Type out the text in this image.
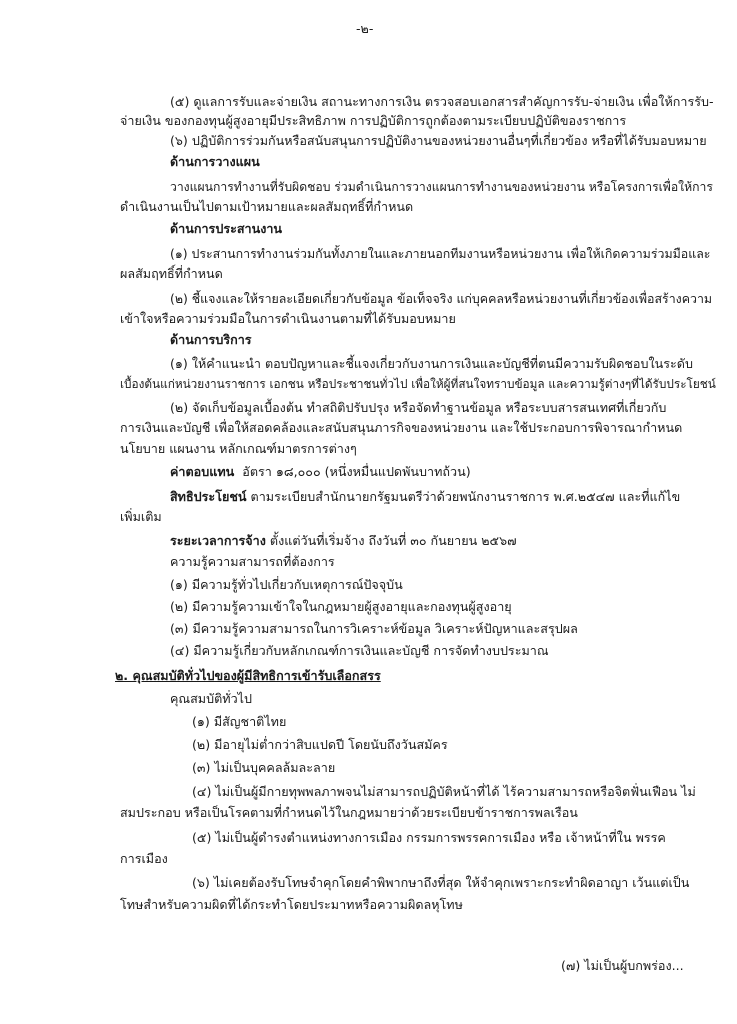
-๒-
(๕) ดูแลการรับและจ่ายเงิน สถานะทางการเงิน ตรวจสอบเอกสารสำคัญการรับ-จ่ายเงิน เพื่อให้การรับ-
จ่ายเงิน ของกองทุนผู้สูงอายุมีประสิทธิภาพ การปฏิบัติการถูกต้องตามระเบียบปฏิบัติของราชการ
(๖) ปฏิบัติการร่วมกันหรือสนับสนุนการปฏิบัติงานของหน่วยงานอื่นๆที่เกี่ยวข้อง หรือที่ได้รับมอบหมาย
ด้านการวางแผน
วางแผนการทำงานที่รับผิดชอบ ร่วมดำเนินการวางแผนการทำงานของหน่วยงาน หรือโครงการเพื่อให้การ
ดำเนินงานเป็นไปตามเป้าหมายและผลสัมฤทธิ์ที่กำหนด
ด้านการประสานงาน
(๑) ประสานการทำงานร่วมกันทั้งภายในและภายนอกทีมงานหรือหน่วยงาน เพื่อให้เกิดความร่วมมือและ
ผลสัมฤทธิ์ที่กำหนด
(๒) ชี้แจงและให้รายละเอียดเกี่ยวกับข้อมูล ข้อเท็จจริง แก่บุคคลหรือหน่วยงานที่เกี่ยวข้องเพื่อสร้างความ
เข้าใจหรือความร่วมมือในการดำเนินงานตามที่ได้รับมอบหมาย
ด้านการบริการ
(๑) ให้คำแนะนำ ตอบปัญหาและชี้แจงเกี่ยวกับงานการเงินและบัญชีที่ตนมีความรับผิดชอบในระดับ
เบื้องต้นแก่หน่วยงานราชการ เอกชน หรือประชาชนทั่วไป เพื่อให้ผู้ที่สนใจทราบข้อมูล และความรู้ต่างๆที่ได้รับประโยชน์
(๒) จัดเก็บข้อมูลเบื้องต้น ทำสถิติปรับปรุง หรือจัดทำฐานข้อมูล หรือระบบสารสนเทศที่เกี่ยวกับ
การเงินและบัญชี เพื่อให้สอดคล้องและสนับสนุนภารกิจของหน่วยงาน และใช้ประกอบการพิจารณากำหนด
นโยบาย แผนงาน หลักเกณฑ์มาตรการต่างๆ
ค่าตอบแทน อัตรา ๑๘,๐๐๐ (หนึ่งหมื่นแปดพันบาทถ้วน)
สิทธิประโยชน์ ตามระเบียบสำนักนายกรัฐมนตรีว่าด้วยพนักงานราชการ พ.ศ.๒๕๔๗ และที่แก้ไข
เพิ่มเติม
ระยะเวลาการจ้าง ตั้งแต่วันที่เริ่มจ้าง ถึงวันที่ ๓๐ กันยายน ๒๕๖๗
ความรู้ความสามารถที่ต้องการ
(๑) มีความรู้ทั่วไปเกี่ยวกับเหตุการณ์ปัจจุบัน
(๒) มีความรู้ความเข้าใจในกฎหมายผู้สูงอายุและกองทุนผู้สูงอายุ
(๓) มีความรู้ความสามารถในการวิเคราะห์ข้อมูล วิเคราะห์ปัญหาและสรุปผล
(๔) มีความรู้เกี่ยวกับหลักเกณฑ์การเงินและบัญชี การจัดทำงบประมาณ
๒. คุณสมบัติทั่วไปของผู้มีสิทธิการเข้ารับเลือกสรร
คุณสมบัติทั่วไป
(๑) มีสัญชาติไทย
(๒) มีอายุไม่ต่ำกว่าสิบแปดปี โดยนับถึงวันสมัคร
(๓) ไม่เป็นบุคคลล้มละลาย
(๔) ไม่เป็นผู้มีกายทุพพลภาพจนไม่สามารถปฏิบัติหน้าที่ได้ ไร้ความสามารถหรือจิตฟั่นเฟือน ไม่
สมประกอบ หรือเป็นโรคตามที่กำหนดไว้ในกฎหมายว่าด้วยระเบียบข้าราชการพลเรือน
(๕) ไม่เป็นผู้ดำรงตำแหน่งทางการเมือง กรรมการพรรคการเมือง หรือ เจ้าหน้าที่ใน พรรค
การเมือง
(๖) ไม่เคยต้องรับโทษจำคุกโดยคำพิพากษาถึงที่สุด ให้จำคุกเพราะกระทำผิดอาญา เว้นแต่เป็น
โทษสำหรับความผิดที่ได้กระทำโดยประมาทหรือความผิดลหุโทษ
(๗) ไม่เป็นผู้บกพร่อง...
